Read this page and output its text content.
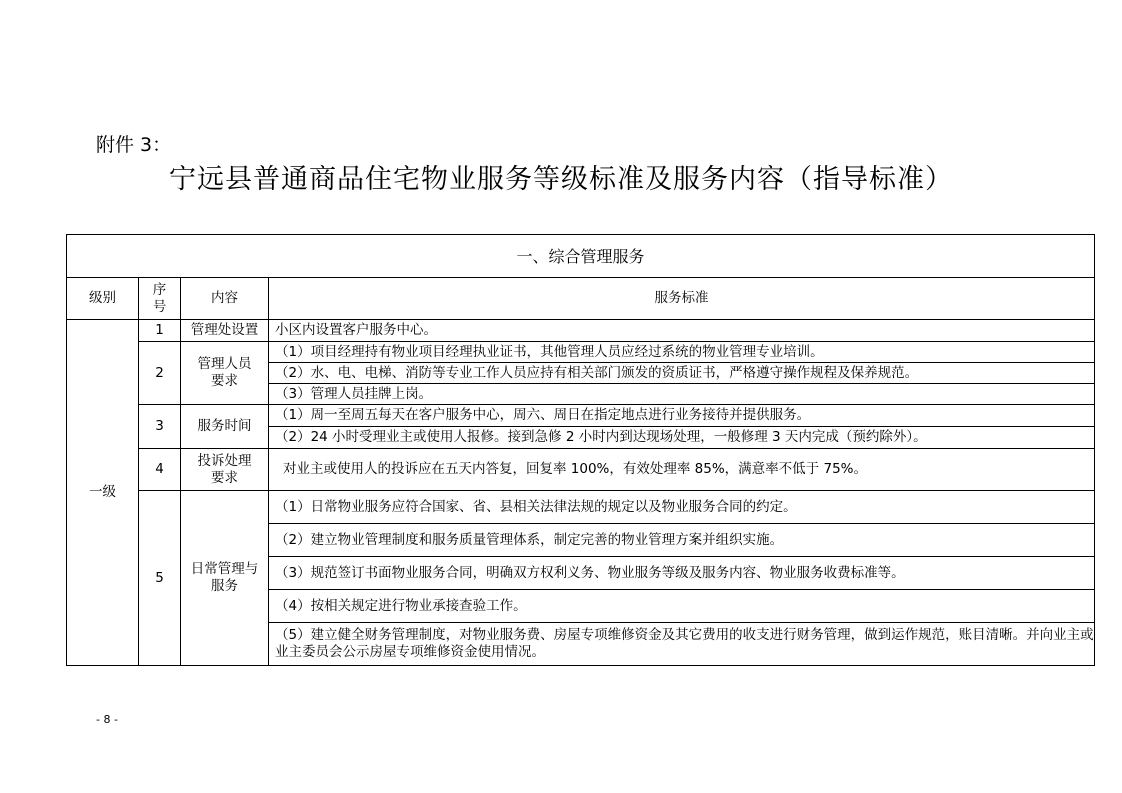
附件 3：
宁远县普通商品住宅物业服务等级标准及服务内容（指导标准）
一、综合管理服务			
级别	序号	内容	服务标准
一级	1	管理处设置	小区内设置客户服务中心。
	2	管理人员要求	（1）项目经理持有物业项目经理执业证书，其他管理人员应经过系统的物业管理专业培训。
			（2）水、电、电梯、消防等专业工作人员应持有相关部门颁发的资质证书，严格遵守操作规程及保养规范。
			（3）管理人员挂牌上岗。
	3	服务时间	（1）周一至周五每天在客户服务中心，周六、周日在指定地点进行业务接待并提供服务。
			（2）24 小时受理业主或使用人报修。接到急修 2 小时内到达现场处理，一般修理 3 天内完成（预约除外）。
	4	投诉处理要求	对业主或使用人的投诉应在五天内答复，回复率 100%，有效处理率 85%，满意率不低于 75%。
	5	日常管理与服务	（1）日常物业服务应符合国家、省、县相关法律法规的规定以及物业服务合同的约定。
			（2）建立物业管理制度和服务质量管理体系，制定完善的物业管理方案并组织实施。
			（3）规范签订书面物业服务合同，明确双方权利义务、物业服务等级及服务内容、物业服务收费标准等。
			（4）按相关规定进行物业承接查验工作。
			（5）建立健全财务管理制度，对物业服务费、房屋专项维修资金及其它费用的收支进行财务管理，做到运作规范，账目清晰。并向业主或业主委员会公示房屋专项维修资金使用情况。
- 8 -
